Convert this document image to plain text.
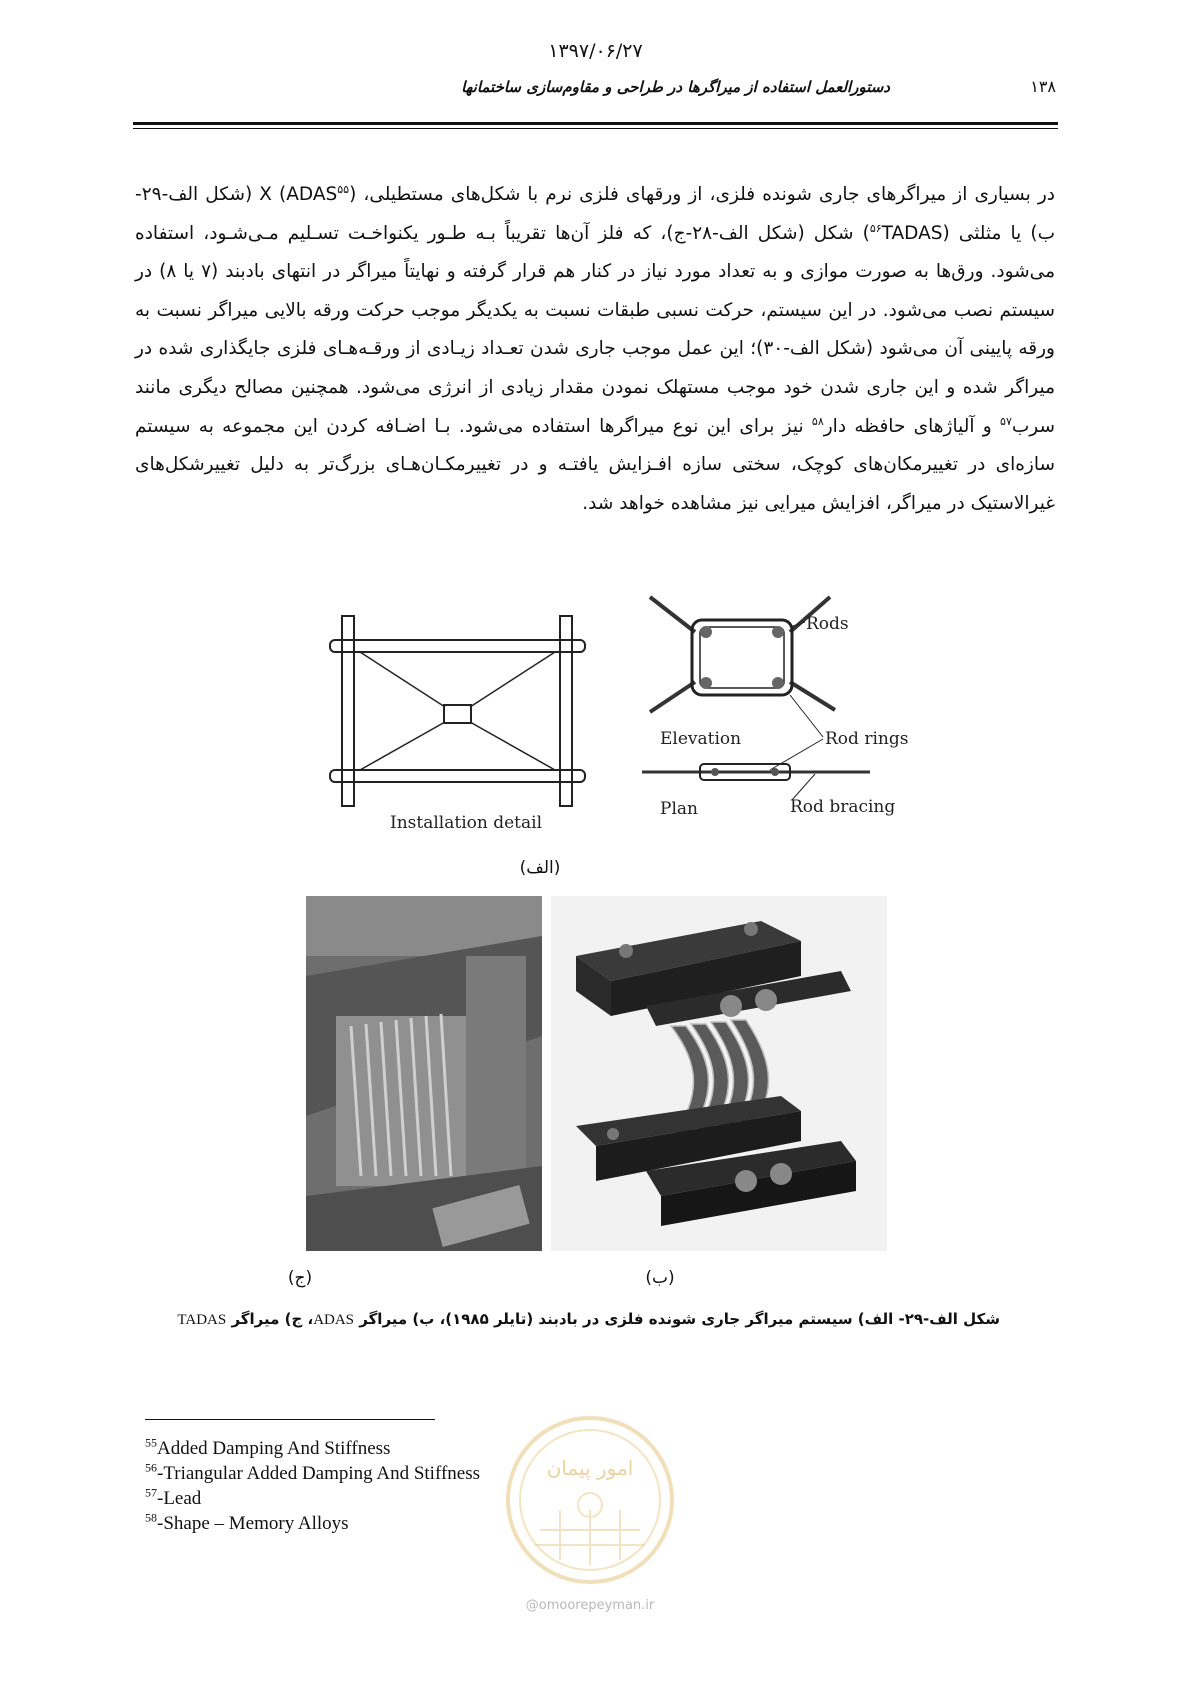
۱۳۹۷/۰۶/۲۷
دستورالعمل استفاده از میراگرها در طراحی و مقاوم‌سازی ساختمانها	۱۳۸

در بسیاری از میراگرهای جاری شونده فلزی، از ورقهای فلزی نرم با شکل‌های مستطیلی، X (ADAS$^{۵۵}$) (شکل الف-۲۹-ب) یا مثلثی (TADAS$^{۵۶}$) شکل (شکل الف-۲۸-ج)، که فلز آن‌ها تقریباً بـه طـور یکنواخـت تسـلیم مـی‌شـود، استفاده می‌شود. ورق‌ها به صورت موازی و به تعداد مورد نیاز در کنار هم قرار گرفته و نهایتاً میراگر در انتهای بادبند (۷ یا ۸) در سیستم نصب می‌شود. در این سیستم، حرکت نسبی طبقات نسبت به یکدیگر موجب حرکت ورقه بالایی میراگر نسبت به ورقه پایینی آن می‌شود (شکل الف-۳۰)؛ این عمل موجب جاری شدن تعـداد زیـادی از ورقـه‌هـای فلزی جایگذاری شده در میراگر شده و این جاری شدن خود موجب مستهلک نمودن مقدار زیادی از انرژی می‌شود. همچنین مصالح دیگری مانند سرب$^{۵۷}$ و آلیاژهای حافظه دار$^{۵۸}$ نیز برای این نوع میراگرها استفاده می‌شود. بـا اضـافه کردن این مجموعه به سیستم سازه‌ای در تغییرمکان‌های کوچک، سختی سازه افـزایش یافتـه و در تغییرمکـان‌هـای بزرگ‌تر به دلیل تغییرشکل‌های غیرالاستیک در میراگر، افزایش میرایی نیز مشاهده خواهد شد.

Installation detail
Rods
Elevation	Rod rings
Plan	Rod bracing
(الف)
(ج)	(ب)
شکل الف-۲۹- الف) سیستم میراگر جاری شونده فلزی در بادبند (تایلر ۱۹۸۵)، ب) میراگر ADAS، ج) میراگر TADAS
$^{55}$Added Damping And Stiffness
$^{56}$-Triangular Added Damping And Stiffness
$^{57}$-Lead
$^{58}$-Shape – Memory Alloys
امور پیمان
@omoorepeyman.ir
